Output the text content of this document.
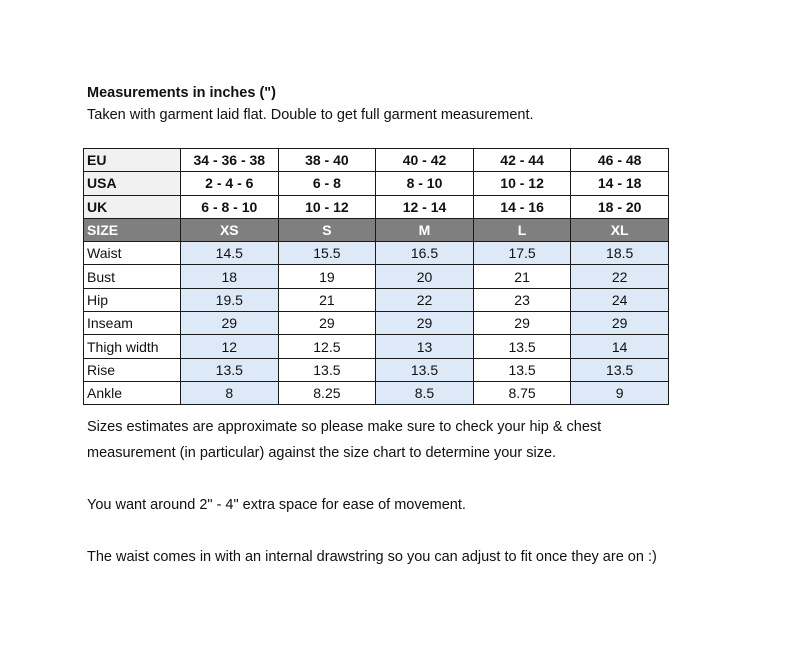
Measurements in inches (")
Taken with garment laid flat. Double to get full garment measurement.
EU	34 - 36 - 38	38 - 40	40 - 42	42 - 44	46 - 48
USA	2 - 4 - 6	6 - 8	8 - 10	10 - 12	14 - 18
UK	6 - 8 - 10	10 - 12	12 - 14	14 - 16	18 - 20
SIZE	XS	S	M	L	XL
Waist	14.5	15.5	16.5	17.5	18.5
Bust	18	19	20	21	22
Hip	19.5	21	22	23	24
Inseam	29	29	29	29	29
Thigh width	12	12.5	13	13.5	14
Rise	13.5	13.5	13.5	13.5	13.5
Ankle	8	8.25	8.5	8.75	9
Sizes estimates are approximate so please make sure to check your hip & chest measurement (in particular) against the size chart to determine your size.
You want around 2" - 4" extra space for ease of movement.
The waist comes in with an internal drawstring so you can adjust to fit once they are on :)
